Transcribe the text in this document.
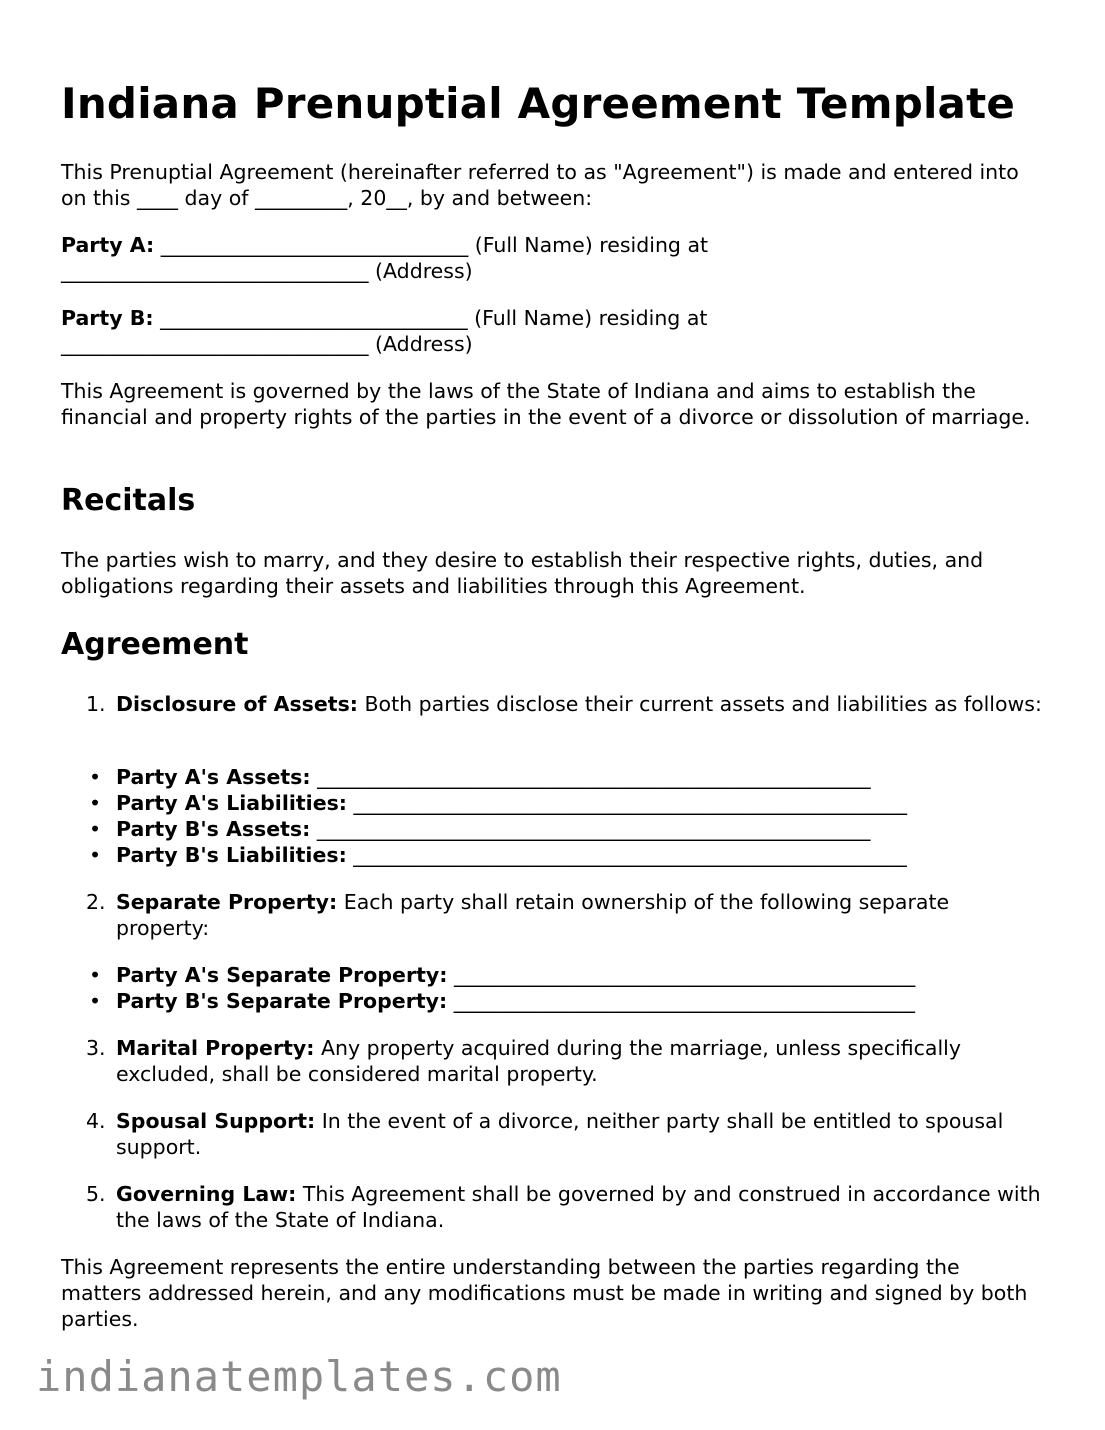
Indiana Prenuptial Agreement Template

This Prenuptial Agreement (hereinafter referred to as "Agreement") is made and entered into on this ____ day of _________, 20__, by and between:

Party A: ______________________________ (Full Name) residing at
______________________________ (Address)

Party B: ______________________________ (Full Name) residing at
______________________________ (Address)

This Agreement is governed by the laws of the State of Indiana and aims to establish the financial and property rights of the parties in the event of a divorce or dissolution of marriage.

Recitals

The parties wish to marry, and they desire to establish their respective rights, duties, and obligations regarding their assets and liabilities through this Agreement.

Agreement
1. Disclosure of Assets: Both parties disclose their current assets and liabilities as follows:
• Party A's Assets: ______________________________________________________
• Party A's Liabilities: ______________________________________________________
• Party B's Assets: ______________________________________________________
• Party B's Liabilities: ______________________________________________________
2. Separate Property: Each party shall retain ownership of the following separate property:
• Party A's Separate Property: _____________________________________________
• Party B's Separate Property: _____________________________________________
3. Marital Property: Any property acquired during the marriage, unless specifically excluded, shall be considered marital property.
4. Spousal Support: In the event of a divorce, neither party shall be entitled to spousal support.
5. Governing Law: This Agreement shall be governed by and construed in accordance with the laws of the State of Indiana.

This Agreement represents the entire understanding between the parties regarding the matters addressed herein, and any modifications must be made in writing and signed by both parties.

indianatemplates.com
